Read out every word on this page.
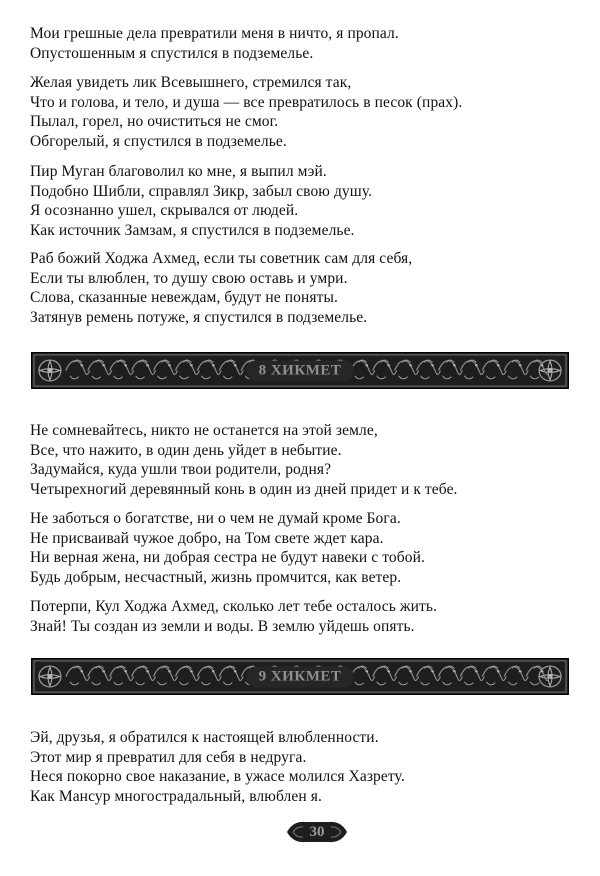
Мои грешные дела превратили меня в ничто, я пропал.
Опустошенным я спустился в подземелье.
Желая увидеть лик Всевышнего, стремился так,
Что и голова, и тело, и душа — все превратилось в песок (прах).
Пылал, горел, но очиститься не смог.
Обгорелый, я спустился в подземелье.
Пир Муган благоволил ко мне, я выпил мэй.
Подобно Шибли, справлял Зикр, забыл свою душу.
Я осознанно ушел, скрывался от людей.
Как источник Замзам, я спустился в подземелье.
Раб божий Ходжа Ахмед, если ты советник сам для себя,
Если ты влюблен, то душу свою оставь и умри.
Слова, сказанные невеждам, будут не поняты.
Затянув ремень потуже, я спустился в подземелье.
8 ХИКМЕТ
Не сомневайтесь, никто не останется на этой земле,
Все, что нажито, в один день уйдет в небытие.
Задумайся, куда ушли твои родители, родня?
Четырехногий деревянный конь в один из дней придет и к тебе.
Не заботься о богатстве, ни о чем не думай кроме Бога.
Не присваивай чужое добро, на Том свете ждет кара.
Ни верная жена, ни добрая сестра не будут навеки с тобой.
Будь добрым, несчастный, жизнь промчится, как ветер.
Потерпи, Кул Ходжа Ахмед, сколько лет тебе осталось жить.
Знай! Ты создан из земли и воды. В землю уйдешь опять.
9 ХИКМЕТ
Эй, друзья, я обратился к настоящей влюбленности.
Этот мир я превратил для себя в недруга.
Неся покорно свое наказание, в ужасе молился Хазрету.
Как Мансур многострадальный, влюблен я.
30
